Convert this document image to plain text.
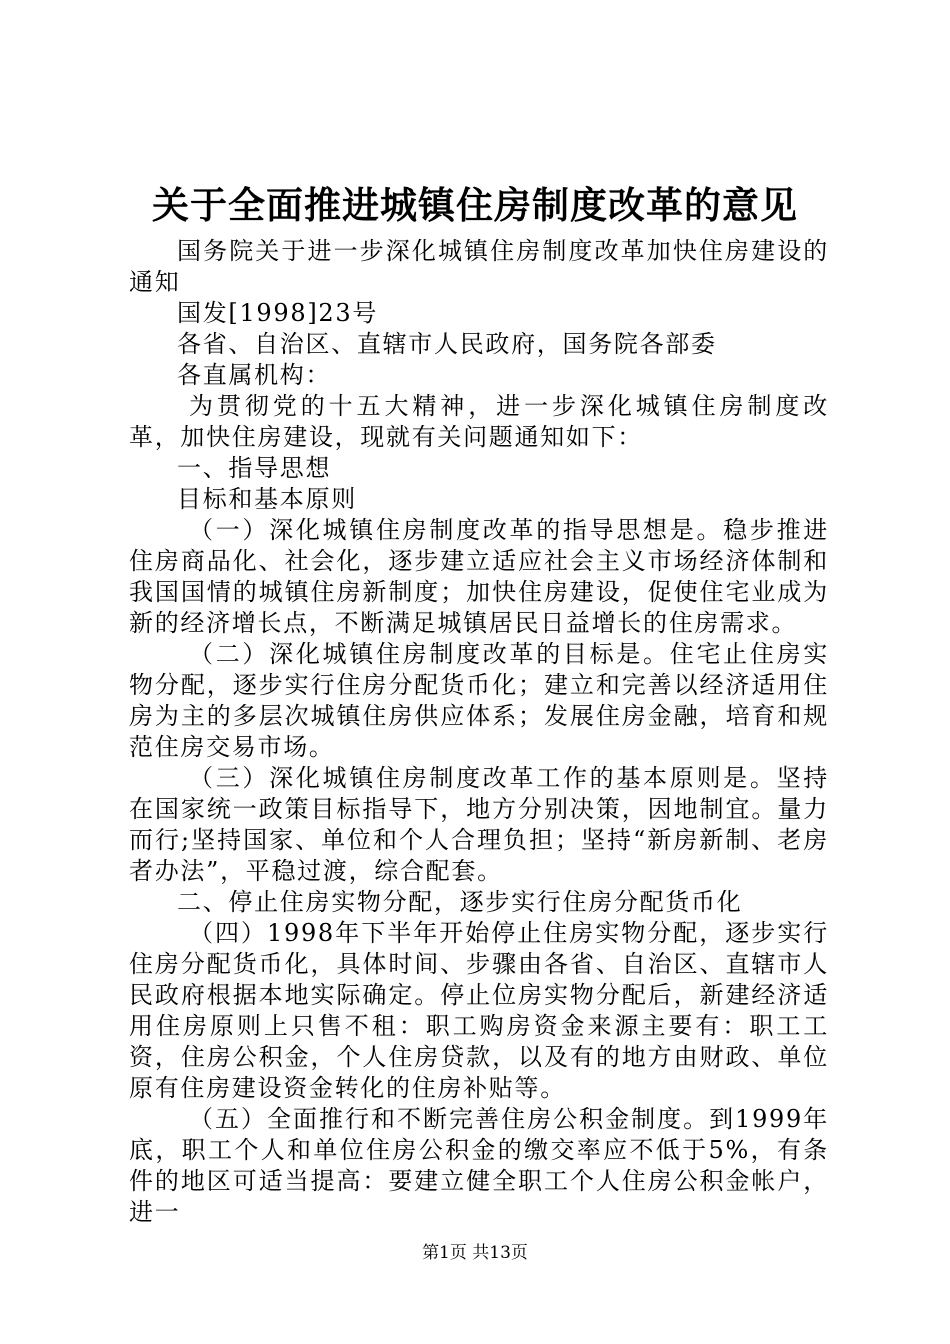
关于全面推进城镇住房制度改革的意见

国务院关于进一步深化城镇住房制度改革加快住房建设的通知

国发[1998]23号

各省、自治区、直辖市人民政府，国务院各部委

各直属机构：

为贯彻党的十五大精神，进一步深化城镇住房制度改革，加快住房建设，现就有关问题通知如下：

一、指导思想

目标和基本原则

（一）深化城镇住房制度改革的指导思想是。稳步推进住房商品化、社会化，逐步建立适应社会主义市场经济体制和我国国情的城镇住房新制度；加快住房建设，促使住宅业成为新的经济增长点，不断满足城镇居民日益增长的住房需求。

（二）深化城镇住房制度改革的目标是。住宅止住房实物分配，逐步实行住房分配货币化；建立和完善以经济适用住房为主的多层次城镇住房供应体系；发展住房金融，培育和规范住房交易市场。

（三）深化城镇住房制度改革工作的基本原则是。坚持在国家统一政策目标指导下，地方分别决策，因地制宜。量力而行;坚持国家、单位和个人合理负担；坚持“新房新制、老房者办法”，平稳过渡，综合配套。

二、停止住房实物分配，逐步实行住房分配货币化

（四）1998年下半年开始停止住房实物分配，逐步实行住房分配货币化，具体时间、步骤由各省、自治区、直辖市人民政府根据本地实际确定。停止位房实物分配后，新建经济适用住房原则上只售不租：职工购房资金来源主要有：职工工资，住房公积金，个人住房贷款，以及有的地方由财政、单位原有住房建设资金转化的住房补贴等。

（五）全面推行和不断完善住房公积金制度。到1999年底，职工个人和单位住房公积金的缴交率应不低于5%，有条件的地区可适当提高：要建立健全职工个人住房公积金帐户，进一

第1页 共13页
